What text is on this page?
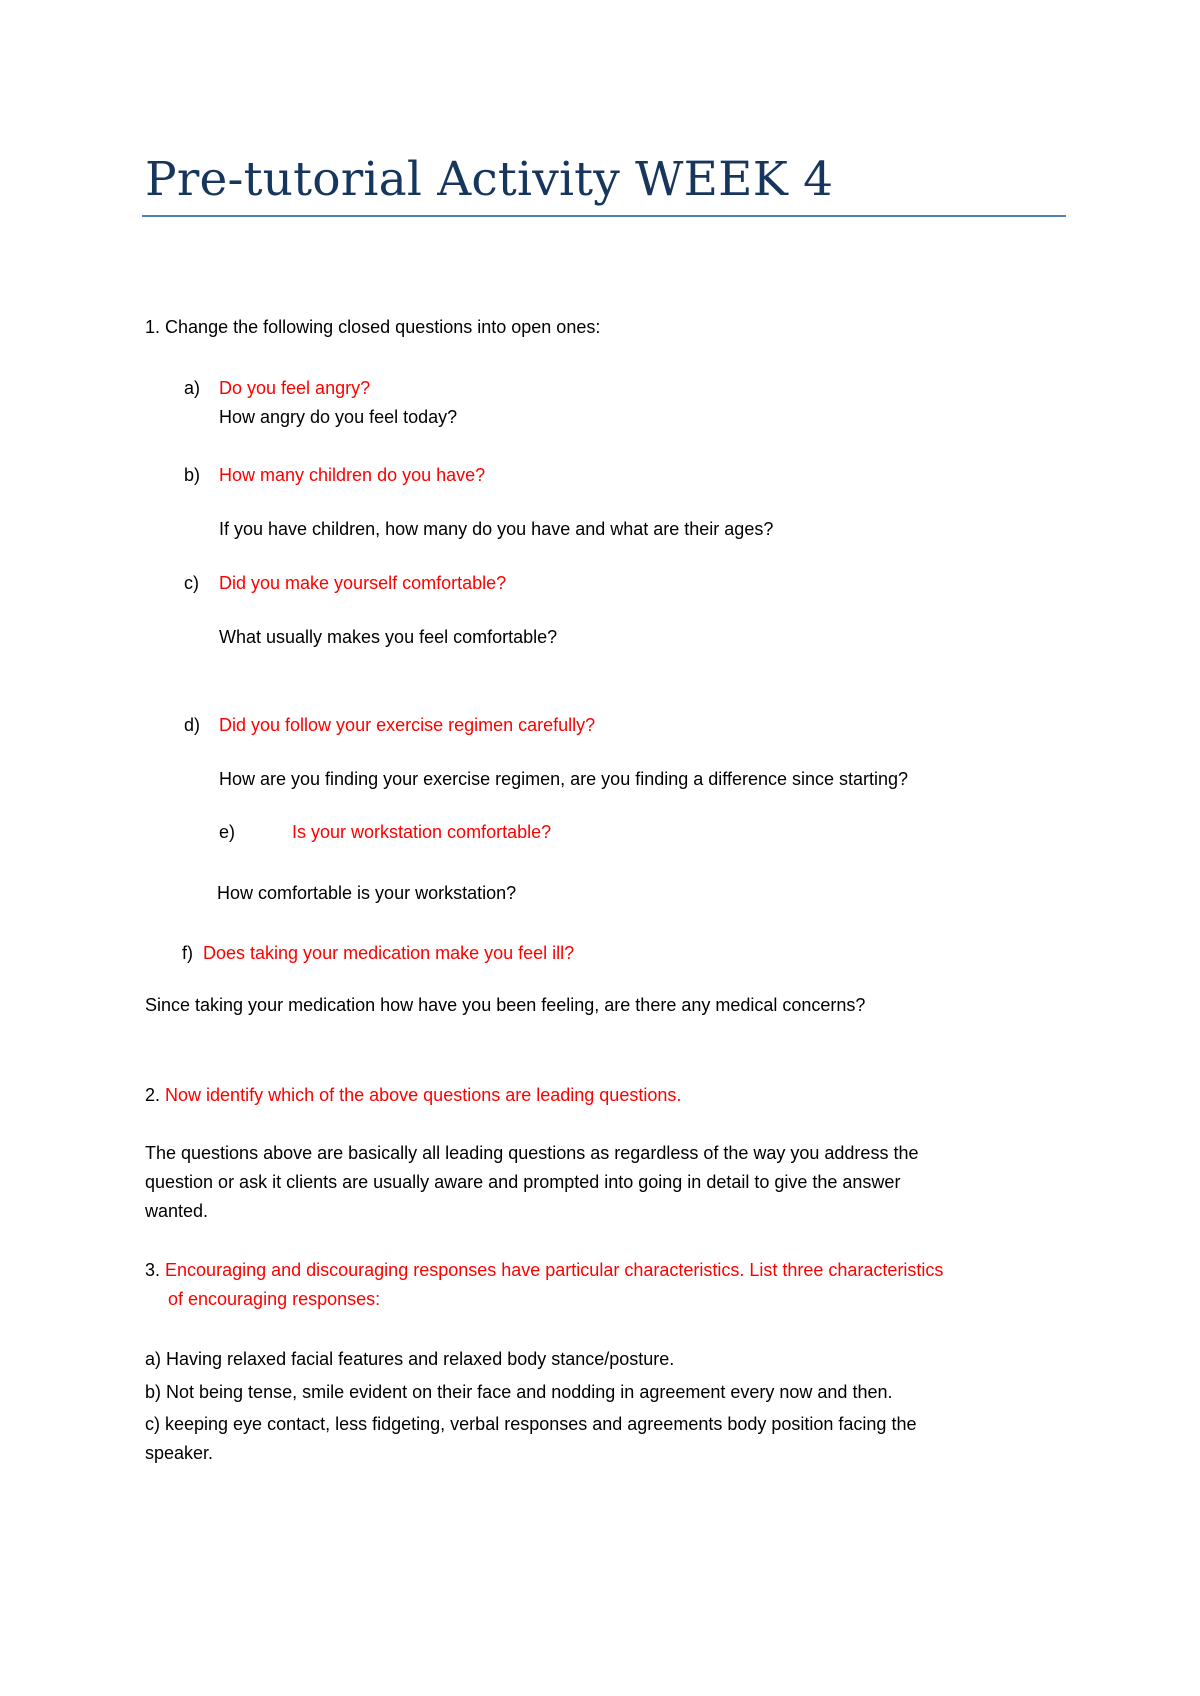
Pre-tutorial Activity WEEK 4

1. Change the following closed questions into open ones:

a) Do you feel angry?
How angry do you feel today?
b) How many children do you have?
If you have children, how many do you have and what are their ages?
c) Did you make yourself comfortable?
What usually makes you feel comfortable?
d) Did you follow your exercise regimen carefully?
How are you finding your exercise regimen, are you finding a difference since starting?
e)	Is your workstation comfortable?
How comfortable is your workstation?
f) Does taking your medication make you feel ill?
Since taking your medication how have you been feeling, are there any medical concerns?

2. Now identify which of the above questions are leading questions.

The questions above are basically all leading questions as regardless of the way you address the
question or ask it clients are usually aware and prompted into going in detail to give the answer
wanted.

3. Encouraging and discouraging responses have particular characteristics. List three characteristics

of encouraging responses:
a) Having relaxed facial features and relaxed body stance/posture.
b) Not being tense, smile evident on their face and nodding in agreement every now and then.
c) keeping eye contact, less fidgeting, verbal responses and agreements body position facing the
speaker.
